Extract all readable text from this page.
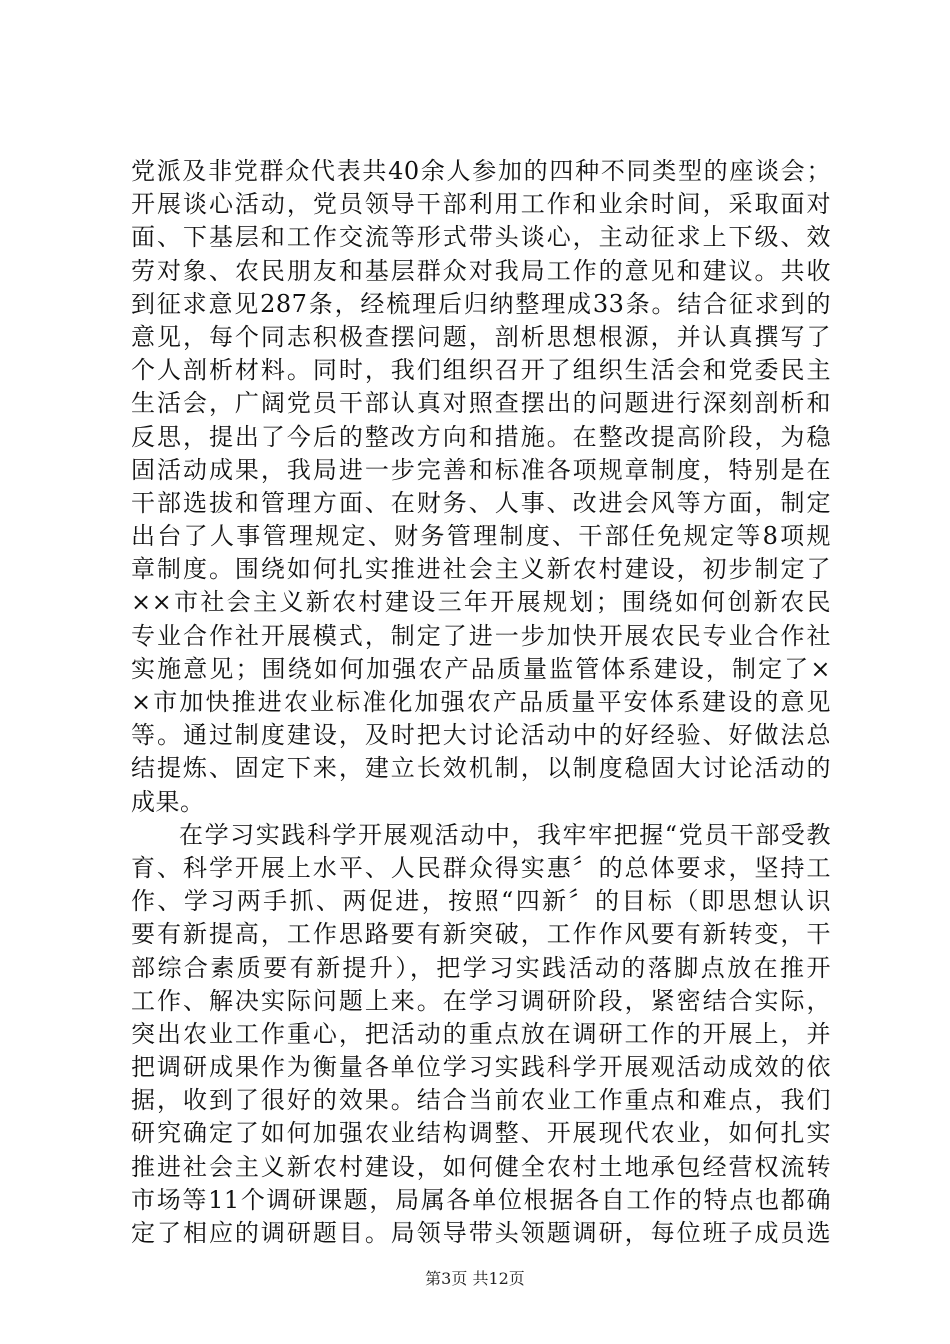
党派及非党群众代表共40余人参加的四种不同类型的座谈会；
开展谈心活动，党员领导干部利用工作和业余时间，采取面对
面、下基层和工作交流等形式带头谈心，主动征求上下级、效
劳对象、农民朋友和基层群众对我局工作的意见和建议。共收
到征求意见287条，经梳理后归纳整理成33条。结合征求到的
意见，每个同志积极查摆问题，剖析思想根源，并认真撰写了
个人剖析材料。同时，我们组织召开了组织生活会和党委民主
生活会，广阔党员干部认真对照查摆出的问题进行深刻剖析和
反思，提出了今后的整改方向和措施。在整改提高阶段，为稳
固活动成果，我局进一步完善和标准各项规章制度，特别是在
干部选拔和管理方面、在财务、人事、改进会风等方面，制定
出台了人事管理规定、财务管理制度、干部任免规定等8项规
章制度。围绕如何扎实推进社会主义新农村建设，初步制定了
××市社会主义新农村建设三年开展规划；围绕如何创新农民
专业合作社开展模式，制定了进一步加快开展农民专业合作社
实施意见；围绕如何加强农产品质量监管体系建设，制定了×
×市加快推进农业标准化加强农产品质量平安体系建设的意见
等。通过制度建设，及时把大讨论活动中的好经验、好做法总
结提炼、固定下来，建立长效机制，以制度稳固大讨论活动的
成果。
在学习实践科学开展观活动中，我牢牢把握“党员干部受教
育、科学开展上水平、人民群众得实惠〞的总体要求，坚持工
作、学习两手抓、两促进，按照“四新〞的目标（即思想认识
要有新提高，工作思路要有新突破，工作作风要有新转变，干
部综合素质要有新提升），把学习实践活动的落脚点放在推开
工作、解决实际问题上来。在学习调研阶段，紧密结合实际，
突出农业工作重心，把活动的重点放在调研工作的开展上，并
把调研成果作为衡量各单位学习实践科学开展观活动成效的依
据，收到了很好的效果。结合当前农业工作重点和难点，我们
研究确定了如何加强农业结构调整、开展现代农业，如何扎实
推进社会主义新农村建设，如何健全农村土地承包经营权流转
市场等11个调研课题，局属各单位根据各自工作的特点也都确
定了相应的调研题目。局领导带头领题调研，每位班子成员选
第3页 共12页
